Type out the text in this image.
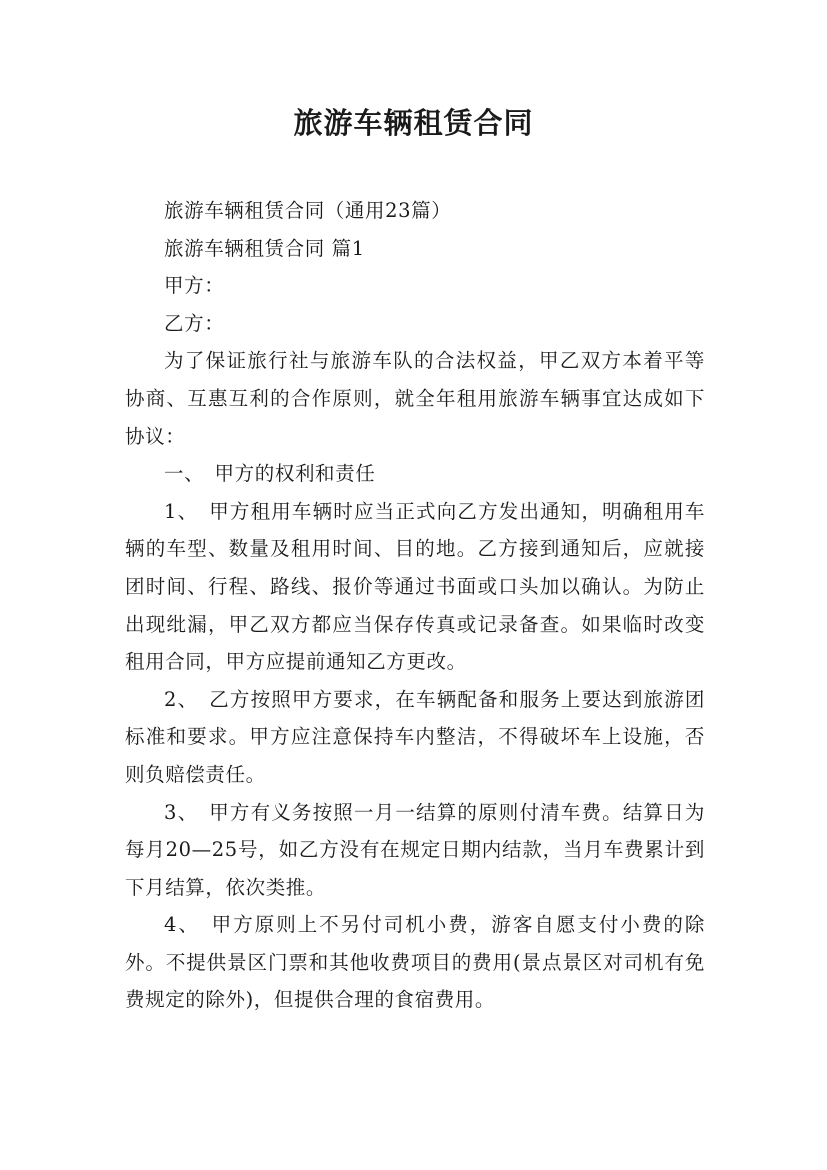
旅游车辆租赁合同

旅游车辆租赁合同（通用23篇）

旅游车辆租赁合同 篇1

甲方：

乙方：

为了保证旅行社与旅游车队的合法权益，甲乙双方本着平等协商、互惠互利的合作原则，就全年租用旅游车辆事宜达成如下协议：

一、　甲方的权利和责任

1、　甲方租用车辆时应当正式向乙方发出通知，明确租用车辆的车型、数量及租用时间、目的地。乙方接到通知后，应就接团时间、行程、路线、报价等通过书面或口头加以确认。为防止出现纰漏，甲乙双方都应当保存传真或记录备查。如果临时改变租用合同，甲方应提前通知乙方更改。

2、　乙方按照甲方要求，在车辆配备和服务上要达到旅游团标准和要求。甲方应注意保持车内整洁，不得破坏车上设施，否则负赔偿责任。

3、　甲方有义务按照一月一结算的原则付清车费。结算日为每月20—25号，如乙方没有在规定日期内结款，当月车费累计到下月结算，依次类推。

4、　甲方原则上不另付司机小费，游客自愿支付小费的除外。不提供景区门票和其他收费项目的费用(景点景区对司机有免费规定的除外)，但提供合理的食宿费用。
